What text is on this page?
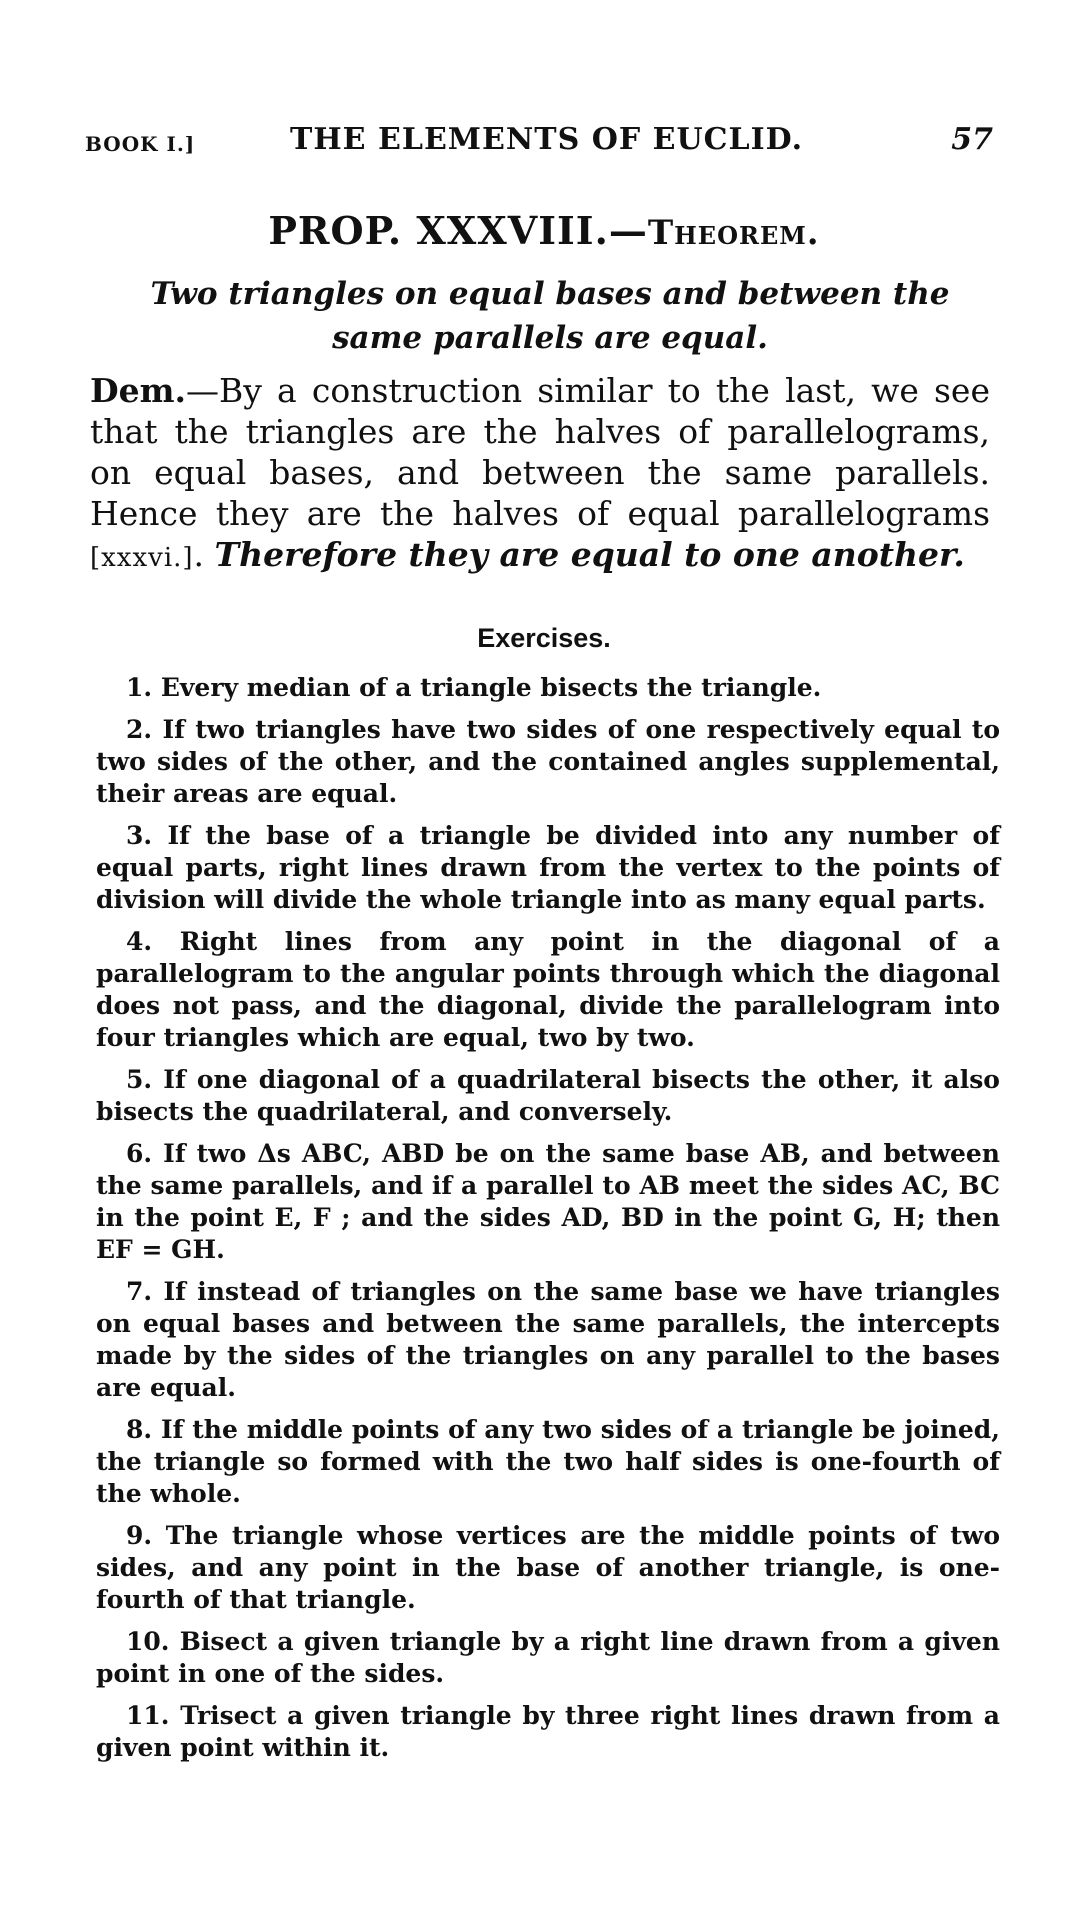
BOOK I.]	THE ELEMENTS OF EUCLID.	57
PROP. XXXVIII.—Theorem.
Two triangles on equal bases and between the same parallels are equal.
Dem.—By a construction similar to the last, we see that the triangles are the halves of parallelograms, on equal bases, and between the same parallels. Hence they are the halves of equal parallelograms [xxxvi.]. Therefore they are equal to one another.
Exercises.

1. Every median of a triangle bisects the triangle.

2. If two triangles have two sides of one respectively equal to two sides of the other, and the contained angles supplemental, their areas are equal.

3. If the base of a triangle be divided into any number of equal parts, right lines drawn from the vertex to the points of division will divide the whole triangle into as many equal parts.

4. Right lines from any point in the diagonal of a parallelogram to the angular points through which the diagonal does not pass, and the diagonal, divide the parallelogram into four triangles which are equal, two by two.

5. If one diagonal of a quadrilateral bisects the other, it also bisects the quadrilateral, and conversely.

6. If two Δs ABC, ABD be on the same base AB, and between the same parallels, and if a parallel to AB meet the sides AC, BC in the point E, F ; and the sides AD, BD in the point G, H; then EF = GH.

7. If instead of triangles on the same base we have triangles on equal bases and between the same parallels, the intercepts made by the sides of the triangles on any parallel to the bases are equal.

8. If the middle points of any two sides of a triangle be joined, the triangle so formed with the two half sides is one-fourth of the whole.

9. The triangle whose vertices are the middle points of two sides, and any point in the base of another triangle, is one-fourth of that triangle.

10. Bisect a given triangle by a right line drawn from a given point in one of the sides.

11. Trisect a given triangle by three right lines drawn from a given point within it.
